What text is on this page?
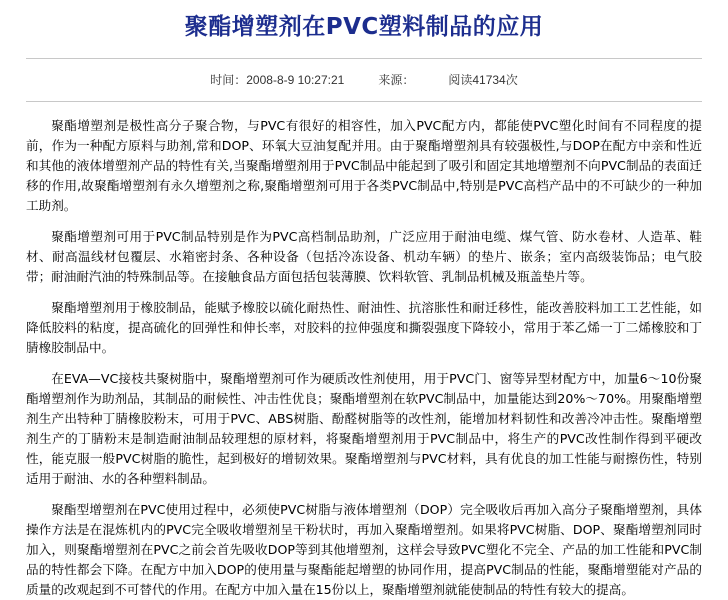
聚酯增塑剂在PVC塑料制品的应用
时间：2008-8-9 10:27:21	来源：	阅读41734次

聚酯增塑剂是极性高分子聚合物，与PVC有很好的相容性，加入PVC配方内，都能使PVC塑化时间有不同程度的提前，作为一种配方原料与助剂,常和DOP、环氧大豆油复配并用。由于聚酯增塑剂具有较强极性,与DOP在配方中亲和性近和其他的液体增塑剂产品的特性有关,当聚酯增塑剂用于PVC制品中能起到了吸引和固定其地增塑剂不向PVC制品的表面迁移的作用,故聚酯增塑剂有永久增塑剂之称,聚酯增塑剂可用于各类PVC制品中,特别是PVC高档产品中的不可缺少的一种加工助剂。

聚酯增塑剂可用于PVC制品特别是作为PVC高档制品助剂，广泛应用于耐油电缆、煤气管、防水卷材、人造革、鞋材、耐高温线材包覆层、水箱密封条、各种设备（包括冷冻设备、机动车辆）的垫片、嵌条；室内高级装饰品；电气胶带；耐油耐汽油的特殊制品等。在接触食品方面包括包装薄膜、饮料软管、乳制品机械及瓶盖垫片等。

聚酯增塑剂用于橡胶制品，能赋予橡胶以硫化耐热性、耐油性、抗溶胀性和耐迁移性，能改善胶料加工工艺性能，如降低胶料的粘度，提高硫化的回弹性和伸长率，对胶料的拉伸强度和撕裂强度下降较小，常用于苯乙烯一丁二烯橡胶和丁腈橡胶制品中。

在EVA—VC接枝共聚树脂中，聚酯增塑剂可作为硬质改性剂使用，用于PVC门、窗等异型材配方中，加量6～10份聚酯增塑剂作为助剂品，其制品的耐候性、冲击性优良；聚酯增塑剂在软PVC制品中，加量能达到20%～70%。用聚酯增塑剂生产出特种丁腈橡胶粉末，可用于PVC、ABS树脂、酚醛树脂等的改性剂，能增加材料韧性和改善冷冲击性。聚酯增塑剂生产的丁腈粉末是制造耐油制品较理想的原材料，将聚酯增塑剂用于PVC制品中，将生产的PVC改性制作得到平硬改性，能克服一般PVC树脂的脆性，起到极好的增韧效果。聚酯增塑剂与PVC材料，具有优良的加工性能与耐擦伤性，特别适用于耐油、水的各种塑料制品。

聚酯型增塑剂在PVC使用过程中，必须使PVC树脂与液体增塑剂（DOP）完全吸收后再加入高分子聚酯增塑剂，具体操作方法是在混炼机内的PVC完全吸收增塑剂呈干粉状时，再加入聚酯增塑剂。如果将PVC树脂、DOP、聚酯增塑剂同时加入，则聚酯增塑剂在PVC之前会首先吸收DOP等到其他增塑剂，这样会导致PVC塑化不完全、产品的加工性能和PVC制品的特性都会下降。在配方中加入DOP的使用量与聚酯能起增塑的协同作用，提高PVC制品的性能，聚酯增塑能对产品的质量的改观起到不可替代的作用。在配方中加入量在15份以上，聚酯增塑剂就能使制品的特性有较大的提高。
